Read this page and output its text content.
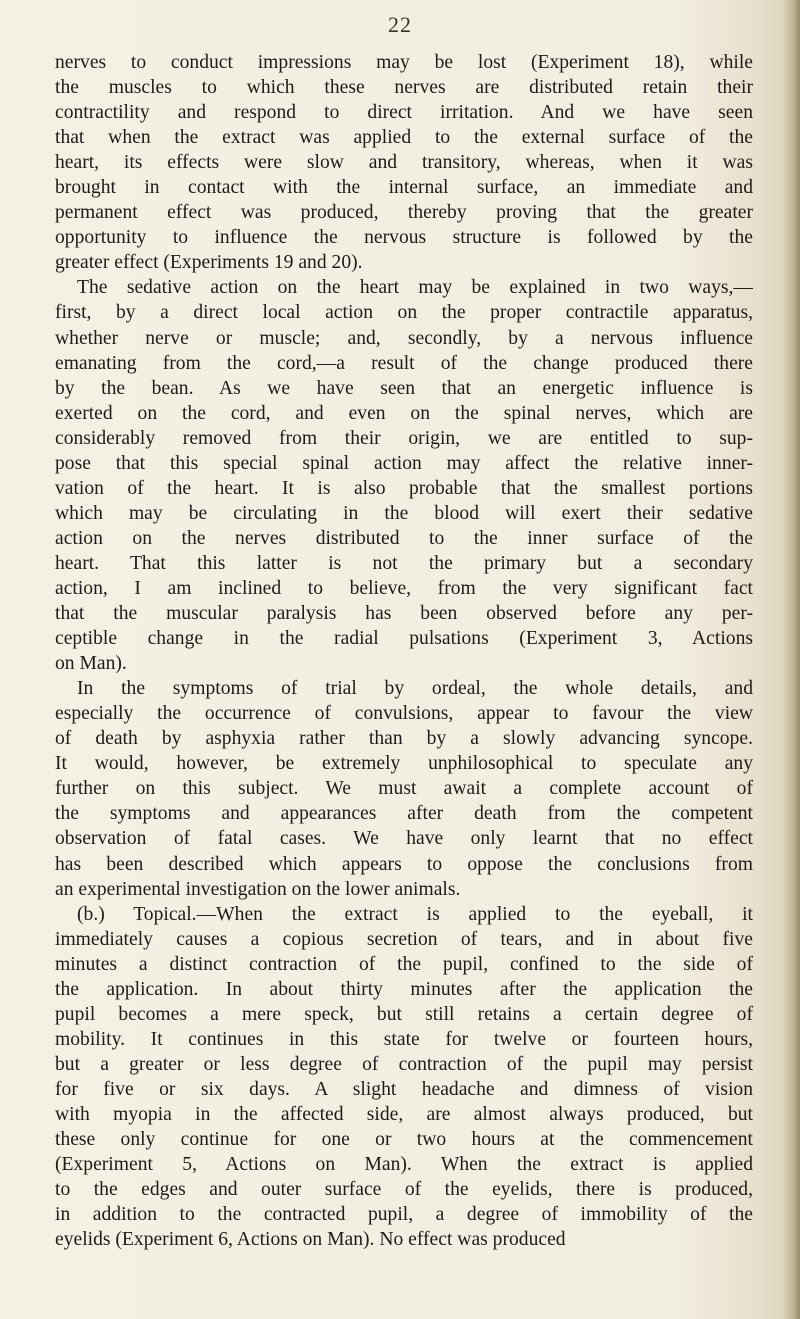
22
nerves to conduct impressions may be lost (Experiment 18), while
the muscles to which these nerves are distributed retain their
contractility and respond to direct irritation. And we have seen
that when the extract was applied to the external surface of the
heart, its effects were slow and transitory, whereas, when it was
brought in contact with the internal surface, an immediate and
permanent effect was produced, thereby proving that the greater
opportunity to influence the nervous structure is followed by the
greater effect (Experiments 19 and 20).
The sedative action on the heart may be explained in two ways,—
first, by a direct local action on the proper contractile apparatus,
whether nerve or muscle; and, secondly, by a nervous influence
emanating from the cord,—a result of the change produced there
by the bean. As we have seen that an energetic influence is
exerted on the cord, and even on the spinal nerves, which are
considerably removed from their origin, we are entitled to sup-
pose that this special spinal action may affect the relative inner-
vation of the heart. It is also probable that the smallest portions
which may be circulating in the blood will exert their sedative
action on the nerves distributed to the inner surface of the
heart. That this latter is not the primary but a secondary
action, I am inclined to believe, from the very significant fact
that the muscular paralysis has been observed before any per-
ceptible change in the radial pulsations (Experiment 3, Actions
on Man).
In the symptoms of trial by ordeal, the whole details, and
especially the occurrence of convulsions, appear to favour the view
of death by asphyxia rather than by a slowly advancing syncope.
It would, however, be extremely unphilosophical to speculate any
further on this subject. We must await a complete account of
the symptoms and appearances after death from the competent
observation of fatal cases. We have only learnt that no effect
has been described which appears to oppose the conclusions from
an experimental investigation on the lower animals.
(b.) Topical.—When the extract is applied to the eyeball, it
immediately causes a copious secretion of tears, and in about five
minutes a distinct contraction of the pupil, confined to the side of
the application. In about thirty minutes after the application the
pupil becomes a mere speck, but still retains a certain degree of
mobility. It continues in this state for twelve or fourteen hours,
but a greater or less degree of contraction of the pupil may persist
for five or six days. A slight headache and dimness of vision
with myopia in the affected side, are almost always produced, but
these only continue for one or two hours at the commencement
(Experiment 5, Actions on Man). When the extract is applied
to the edges and outer surface of the eyelids, there is produced,
in addition to the contracted pupil, a degree of immobility of the
eyelids (Experiment 6, Actions on Man). No effect was produced
